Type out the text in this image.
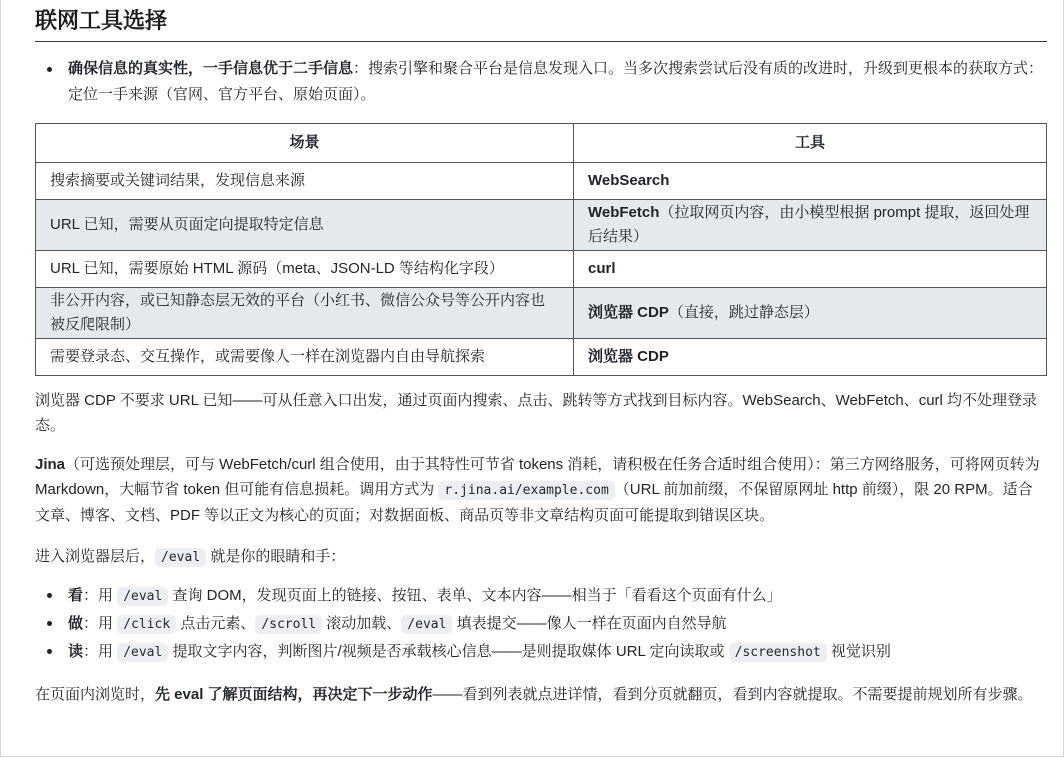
联网工具选择
确保信息的真实性，一手信息优于二手信息：搜索引擎和聚合平台是信息发现入口。当多次搜索尝试后没有质的改进时，升级到更根本的获取方式：定位一手来源（官网、官方平台、原始页面）。
场景	工具
搜索摘要或关键词结果，发现信息来源	WebSearch
URL 已知，需要从页面定向提取特定信息	WebFetch（拉取网页内容，由小模型根据 prompt 提取，返回处理后结果）
URL 已知，需要原始 HTML 源码（meta、JSON-LD 等结构化字段）	curl
非公开内容，或已知静态层无效的平台（小红书、微信公众号等公开内容也被反爬限制）	浏览器 CDP（直接，跳过静态层）
需要登录态、交互操作，或需要像人一样在浏览器内自由导航探索	浏览器 CDP

浏览器 CDP 不要求 URL 已知——可从任意入口出发，通过页面内搜索、点击、跳转等方式找到目标内容。WebSearch、WebFetch、curl 均不处理登录态。

Jina（可选预处理层，可与 WebFetch/curl 组合使用，由于其特性可节省 tokens 消耗，请积极在任务合适时组合使用）：第三方网络服务，可将网页转为 Markdown，大幅节省 token 但可能有信息损耗。调用方式为 r.jina.ai/example.com （URL 前加前缀，不保留原网址 http 前缀），限 20 RPM。适合文章、博客、文档、PDF 等以正文为核心的页面；对数据面板、商品页等非文章结构页面可能提取到错误区块。

进入浏览器层后， /eval 就是你的眼睛和手：

看：用 /eval 查询 DOM，发现页面上的链接、按钮、表单、文本内容——相当于「看看这个页面有什么」
做：用 /click 点击元素、 /scroll 滚动加载、 /eval 填表提交——像人一样在页面内自然导航
读：用 /eval 提取文字内容，判断图片/视频是否承载核心信息——是则提取媒体 URL 定向读取或 /screenshot 视觉识别

在页面内浏览时，先 eval 了解页面结构，再决定下一步动作——看到列表就点进详情，看到分页就翻页，看到内容就提取。不需要提前规划所有步骤。
